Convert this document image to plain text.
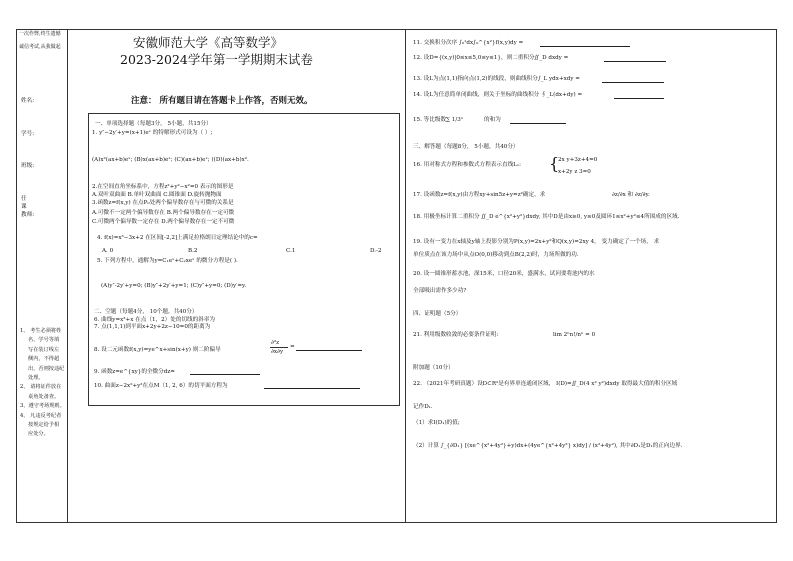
一次作弊,终生遗憾
诚信考试,从我做起
姓名:
学号:
班级:
任
课
教师:
1、 考生必须将姓
名、学号等填
写在装订线左
侧内，不得超
出，否则按违纪
处理。
2、 请将证件放在
桌角处备查。
3、遵守考场规则。
4、 凡违反考纪者
按规定给予相
应处分。
安徽师范大学《高等数学》
2023-2024学年第一学期期末试卷
注意： 所有题目请在答题卡上作答，否则无效。
一、单项选择题（每题3分， 5小题，共15分）
1. y″−2y′+y=(x+1)eˣ 的特解形式可设为（ ）;
(A)x²(ax+b)eˣ; (B)x(ax+b)eˣ; (C)(ax+b)eˣ; ((D)(ax+b)x².
2.在空间直角坐标系中，方程z²+y²−x²=0 表示的图形是
A.双叶双曲面 B.单叶双曲面 C.圆锥面 D.旋转抛物面
3.函数z=f(x,y) 在点P₀处两个偏导数存在与可微的关系是
A.可微不一定两个偏导数存在 B.两个偏导数存在一定可微
C.可微两个偏导数一定存在 D.两个偏导数存在一定不可微
4. f(x)=x³−3x+2 在区间[-2,2]上满足拉格朗日定理结论中的c=
A. 0	B.2	C.1	D.-2
5. 下列方程中，通解为y=C₁eˣ+C₂xeˣ 的微分方程是( ).
(A)y″-2y′+y=0; (B)y″+2y′+y=1; (C)y″+y=0; (D)y′=y.
二、空题（每题4分， 10个题，共40分）
6. 曲线y=x³+x 在点（1，2）处的切线的斜率为
7. 点(1,1,1)到平面x+2y+2z−10=0的距离为
8. 设二元函数f(x,y)=ye^x+sin(x+y) 则二阶偏导
∂²z
∂x∂y
=
9. 函数z=e^{xy}的全微分dz=
10. 曲面z−2x²+y²在点M（1, 2, 6）的切平面方程为
11. 交换积分次序 ∫₀¹dx∫₀^{x²}f(x,y)dy =
12. 设D={(x,y)|0≤x≤5,0≤y≤1}，则二重积分∬_D dxdy =
13. 设L为点(1,1)指向点(1,2)的线段，则曲线积分∫_L ydx+xdy =
14. 设L为任意简单闭曲线，则关于坐标的曲线积分 ∮_L(dx+dy) =
15. 等比级数 ∑ 1/3ⁿ	的和为
三、解答题（每题8分， 5小题，共40分）
16. 用对称式方程和参数式方程表示直线L₁: {
2x y+3z+4=0
x+2y z 3=0
17. 设函数z=f(x,y)由方程xy+sin5z+y=z²确定，求	∂z/∂x 和 ∂z/∂y.
18. 用极坐标计算二重积分 ∬_D e^{x²+y²}dxdy, 其中D是由x≥0, y≥0及圆环1≤x²+y²≤4所围成的区域.
19. 设有一变力在x轴及y轴上投影分别为P(x,y)=2x+y²和Q(x,y)=2xy 4， 变力确定了一个场， 求
单位质点在该力场中从点O(0,0)移动到点B(2,2)时，力场所做的功.
20. 设一圆锥形蓄水池，深15米，口径20米，盛满水，试问要将池内的水
全部吸出需作多少功?
四、证明题（5分）
21. 利用级数收敛的必要条件证明:	lim 2ⁿn!/nⁿ = 0
附加题（10分）
22. （2021年考研真题）设D⊂R²是有界单连通闭区域， I(D)=∬_D(4 x² y²)dxdy 取得最大值的积分区域
记作D₁.
（1）求I(D₁)的值;
（2）计算 ∫_{∂D₁} [(xe^{x²+4y²}+y)dx+(4ye^{x²+4y²} x)dy] / (x²+4y²), 其中∂D₁是D₁的正向边界.
